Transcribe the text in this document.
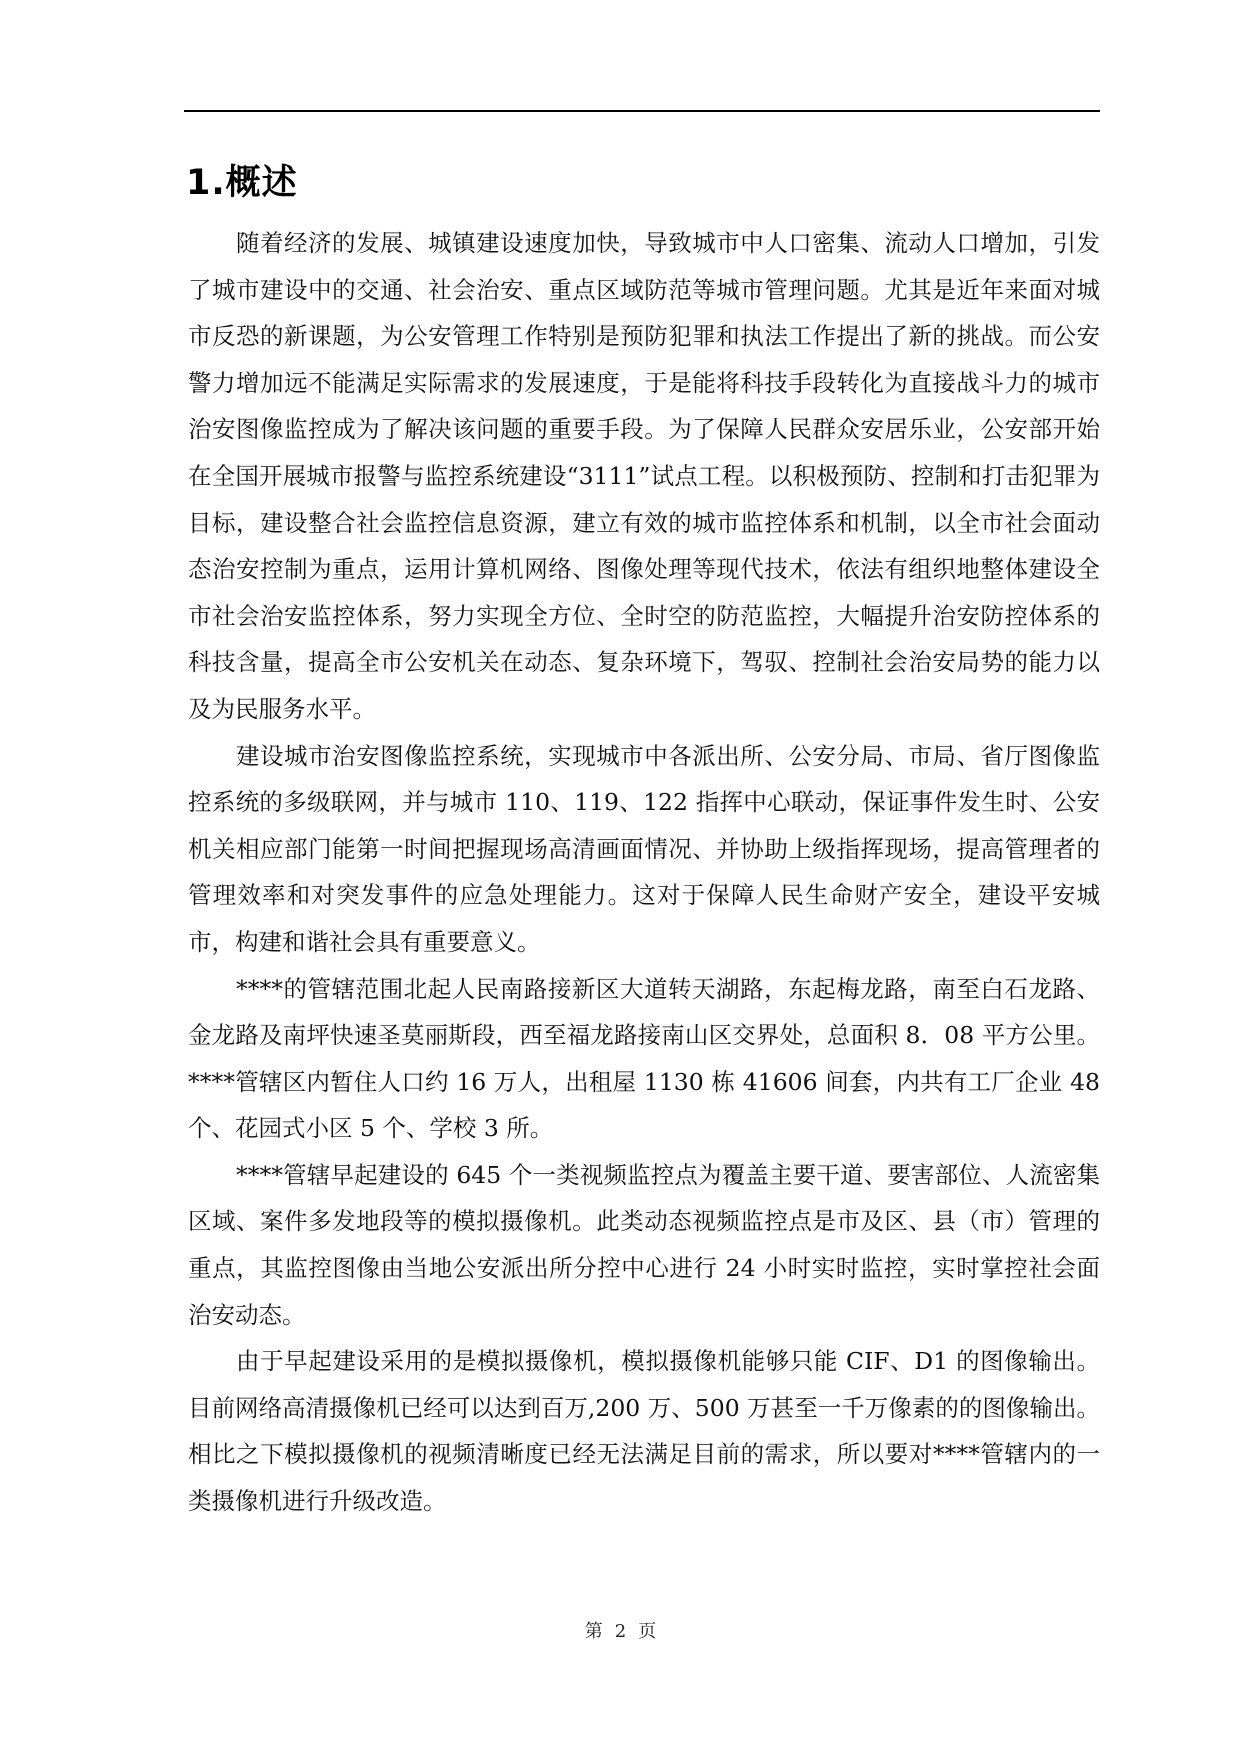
1.概述

随着经济的发展、城镇建设速度加快，导致城市中人口密集、流动人口增加，引发了城市建设中的交通、社会治安、重点区域防范等城市管理问题。尤其是近年来面对城市反恐的新课题，为公安管理工作特别是预防犯罪和执法工作提出了新的挑战。而公安警力增加远不能满足实际需求的发展速度，于是能将科技手段转化为直接战斗力的城市治安图像监控成为了解决该问题的重要手段。为了保障人民群众安居乐业，公安部开始在全国开展城市报警与监控系统建设“3111”试点工程。以积极预防、控制和打击犯罪为目标，建设整合社会监控信息资源，建立有效的城市监控体系和机制，以全市社会面动态治安控制为重点，运用计算机网络、图像处理等现代技术，依法有组织地整体建设全市社会治安监控体系，努力实现全方位、全时空的防范监控，大幅提升治安防控体系的科技含量，提高全市公安机关在动态、复杂环境下，驾驭、控制社会治安局势的能力以及为民服务水平。

建设城市治安图像监控系统，实现城市中各派出所、公安分局、市局、省厅图像监控系统的多级联网，并与城市 110、119、122 指挥中心联动，保证事件发生时、公安机关相应部门能第一时间把握现场高清画面情况、并协助上级指挥现场，提高管理者的管理效率和对突发事件的应急处理能力。这对于保障人民生命财产安全，建设平安城市，构建和谐社会具有重要意义。

****的管辖范围北起人民南路接新区大道转天湖路，东起梅龙路，南至白石龙路、金龙路及南坪快速圣莫丽斯段，西至福龙路接南山区交界处，总面积 8．08 平方公里。****管辖区内暂住人口约 16 万人，出租屋 1130 栋 41606 间套，内共有工厂企业 48 个、花园式小区 5 个、学校 3 所。

****管辖早起建设的 645 个一类视频监控点为覆盖主要干道、要害部位、人流密集区域、案件多发地段等的模拟摄像机。此类动态视频监控点是市及区、县（市）管理的重点，其监控图像由当地公安派出所分控中心进行 24 小时实时监控，实时掌控社会面治安动态。

由于早起建设采用的是模拟摄像机，模拟摄像机能够只能 CIF、D1 的图像输出。目前网络高清摄像机已经可以达到百万,200 万、500 万甚至一千万像素的的图像输出。相比之下模拟摄像机的视频清晰度已经无法满足目前的需求，所以要对****管辖内的一类摄像机进行升级改造。

第 2 页
